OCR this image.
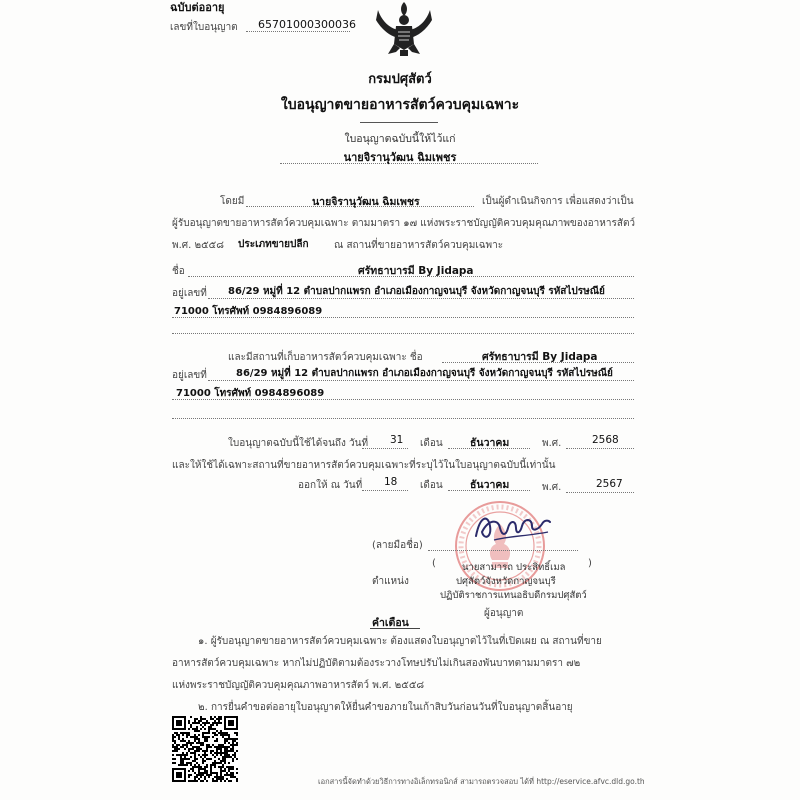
ฉบับต่ออายุ
เลขที่ใบอนุญาต 65701000300036
กรมปศุสัตว์
ใบอนุญาตขายอาหารสัตว์ควบคุมเฉพาะ
ใบอนุญาตฉบับนี้ให้ไว้แก่
นายจิรานุวัฒน ฉิมเพชร
โดยมี	นายจิรานุวัฒน ฉิมเพชร	เป็นผู้ดำเนินกิจการ เพื่อแสดงว่าเป็น
ผู้รับอนุญาตขายอาหารสัตว์ควบคุมเฉพาะ ตามมาตรา ๑๗ แห่งพระราชบัญญัติควบคุมคุณภาพของอาหารสัตว์
พ.ศ. ๒๕๕๘ ประเภทขายปลีก	ณ สถานที่ขายอาหารสัตว์ควบคุมเฉพาะ
ชื่อ	ศรัทธาบารมี By Jidapa
อยู่เลขที่ 86/29 หมู่ที่ 12 ตำบลปากแพรก อำเภอเมืองกาญจนบุรี จังหวัดกาญจนบุรี รหัสไปรษณีย์
71000 โทรศัพท์ 0984896089
และมีสถานที่เก็บอาหารสัตว์ควบคุมเฉพาะ ชื่อ	ศรัทธาบารมี By Jidapa
อยู่เลขที่	86/29 หมู่ที่ 12 ตำบลปากแพรก อำเภอเมืองกาญจนบุรี จังหวัดกาญจนบุรี รหัสไปรษณีย์
71000 โทรศัพท์ 0984896089
ใบอนุญาตฉบับนี้ใช้ได้จนถึง วันที่ 31 เดือน	ธันวาคม	พ.ศ.	2568
และให้ใช้ได้เฉพาะสถานที่ขายอาหารสัตว์ควบคุมเฉพาะที่ระบุไว้ในใบอนุญาตฉบับนี้เท่านั้น
ออกให้ ณ วันที่ 18 เดือน	ธันวาคม	พ.ศ.	2567
(ลายมือชื่อ)
(	นายสามารถ ประสิทธิ์เมล )
ตำแหน่ง	ปศุสัตว์จังหวัดกาญจนบุรี
ปฏิบัติราชการแทนอธิบดีกรมปศุสัตว์
ผู้อนุญาต
คำเตือน
๑. ผู้รับอนุญาตขายอาหารสัตว์ควบคุมเฉพาะ ต้องแสดงใบอนุญาตไว้ในที่เปิดเผย ณ สถานที่ขาย
อาหารสัตว์ควบคุมเฉพาะ หากไม่ปฏิบัติตามต้องระวางโทษปรับไม่เกินสองพันบาทตามมาตรา ๗๒
แห่งพระราชบัญญัติควบคุมคุณภาพอาหารสัตว์ พ.ศ. ๒๕๕๘
๒. การยื่นคำขอต่ออายุใบอนุญาตให้ยื่นคำขอภายในเก้าสิบวันก่อนวันที่ใบอนุญาตสิ้นอายุ
เอกสารนี้จัดทำด้วยวิธีการทางอิเล็กทรอนิกส์ สามารถตรวจสอบ ได้ที่ http://eservice.afvc.dld.go.th
